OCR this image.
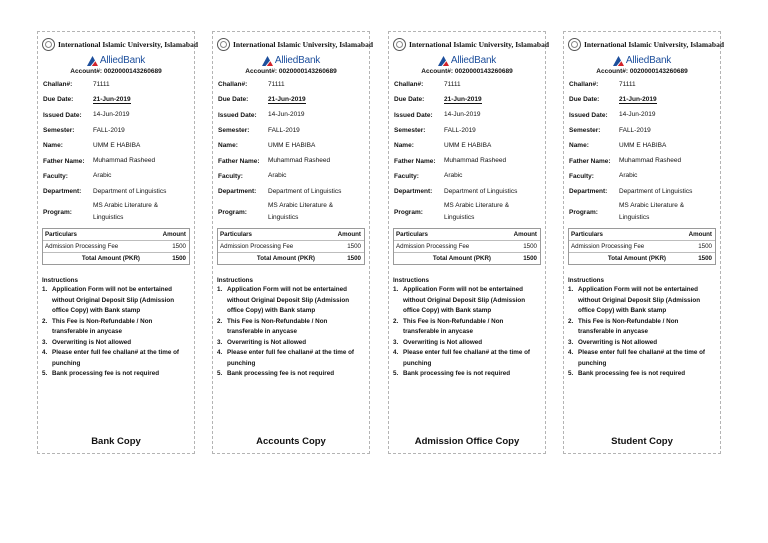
International Islamic University, Islamabad
AlliedBank
Account#: 0020000143260689
Challan#:	71111
Due Date:	21-Jun-2019
Issued Date:	14-Jun-2019
Semester:	FALL-2019
Name:	UMM E HABIBA
Father Name:	Muhammad Rasheed
Faculty:	Arabic
Department:	Department of Linguistics
Program:
MS Arabic Literature & Linguistics
Particulars	Amount
Admission Processing Fee	1500
Total Amount (PKR)	1500
Instructions
1. Application Form will not be entertained without Original Deposit Slip (Admission office Copy) with Bank stamp
2. This Fee is Non-Refundable / Non transferable in anycase
3. Overwriting is Not allowed
4. Please enter full fee challan# at the time of punching
5. Bank processing fee is not required
Bank Copy
International Islamic University, Islamabad
AlliedBank
Account#: 0020000143260689
Challan#:	71111
Due Date:	21-Jun-2019
Issued Date:	14-Jun-2019
Semester:	FALL-2019
Name:	UMM E HABIBA
Father Name:	Muhammad Rasheed
Faculty:	Arabic
Department:	Department of Linguistics
Program:
MS Arabic Literature & Linguistics
Particulars	Amount
Admission Processing Fee	1500
Total Amount (PKR)	1500
Instructions
1. Application Form will not be entertained without Original Deposit Slip (Admission office Copy) with Bank stamp
2. This Fee is Non-Refundable / Non transferable in anycase
3. Overwriting is Not allowed
4. Please enter full fee challan# at the time of punching
5. Bank processing fee is not required
Accounts Copy
International Islamic University, Islamabad
AlliedBank
Account#: 0020000143260689
Challan#:	71111
Due Date:	21-Jun-2019
Issued Date:	14-Jun-2019
Semester:	FALL-2019
Name:	UMM E HABIBA
Father Name:	Muhammad Rasheed
Faculty:	Arabic
Department:	Department of Linguistics
Program:
MS Arabic Literature & Linguistics
Particulars	Amount
Admission Processing Fee	1500
Total Amount (PKR)	1500
Instructions
1. Application Form will not be entertained without Original Deposit Slip (Admission office Copy) with Bank stamp
2. This Fee is Non-Refundable / Non transferable in anycase
3. Overwriting is Not allowed
4. Please enter full fee challan# at the time of punching
5. Bank processing fee is not required
Admission Office Copy
International Islamic University, Islamabad
AlliedBank
Account#: 0020000143260689
Challan#:	71111
Due Date:	21-Jun-2019
Issued Date:	14-Jun-2019
Semester:	FALL-2019
Name:	UMM E HABIBA
Father Name:	Muhammad Rasheed
Faculty:	Arabic
Department:	Department of Linguistics
Program:
MS Arabic Literature & Linguistics
Particulars	Amount
Admission Processing Fee	1500
Total Amount (PKR)	1500
Instructions
1. Application Form will not be entertained without Original Deposit Slip (Admission office Copy) with Bank stamp
2. This Fee is Non-Refundable / Non transferable in anycase
3. Overwriting is Not allowed
4. Please enter full fee challan# at the time of punching
5. Bank processing fee is not required
Student Copy
